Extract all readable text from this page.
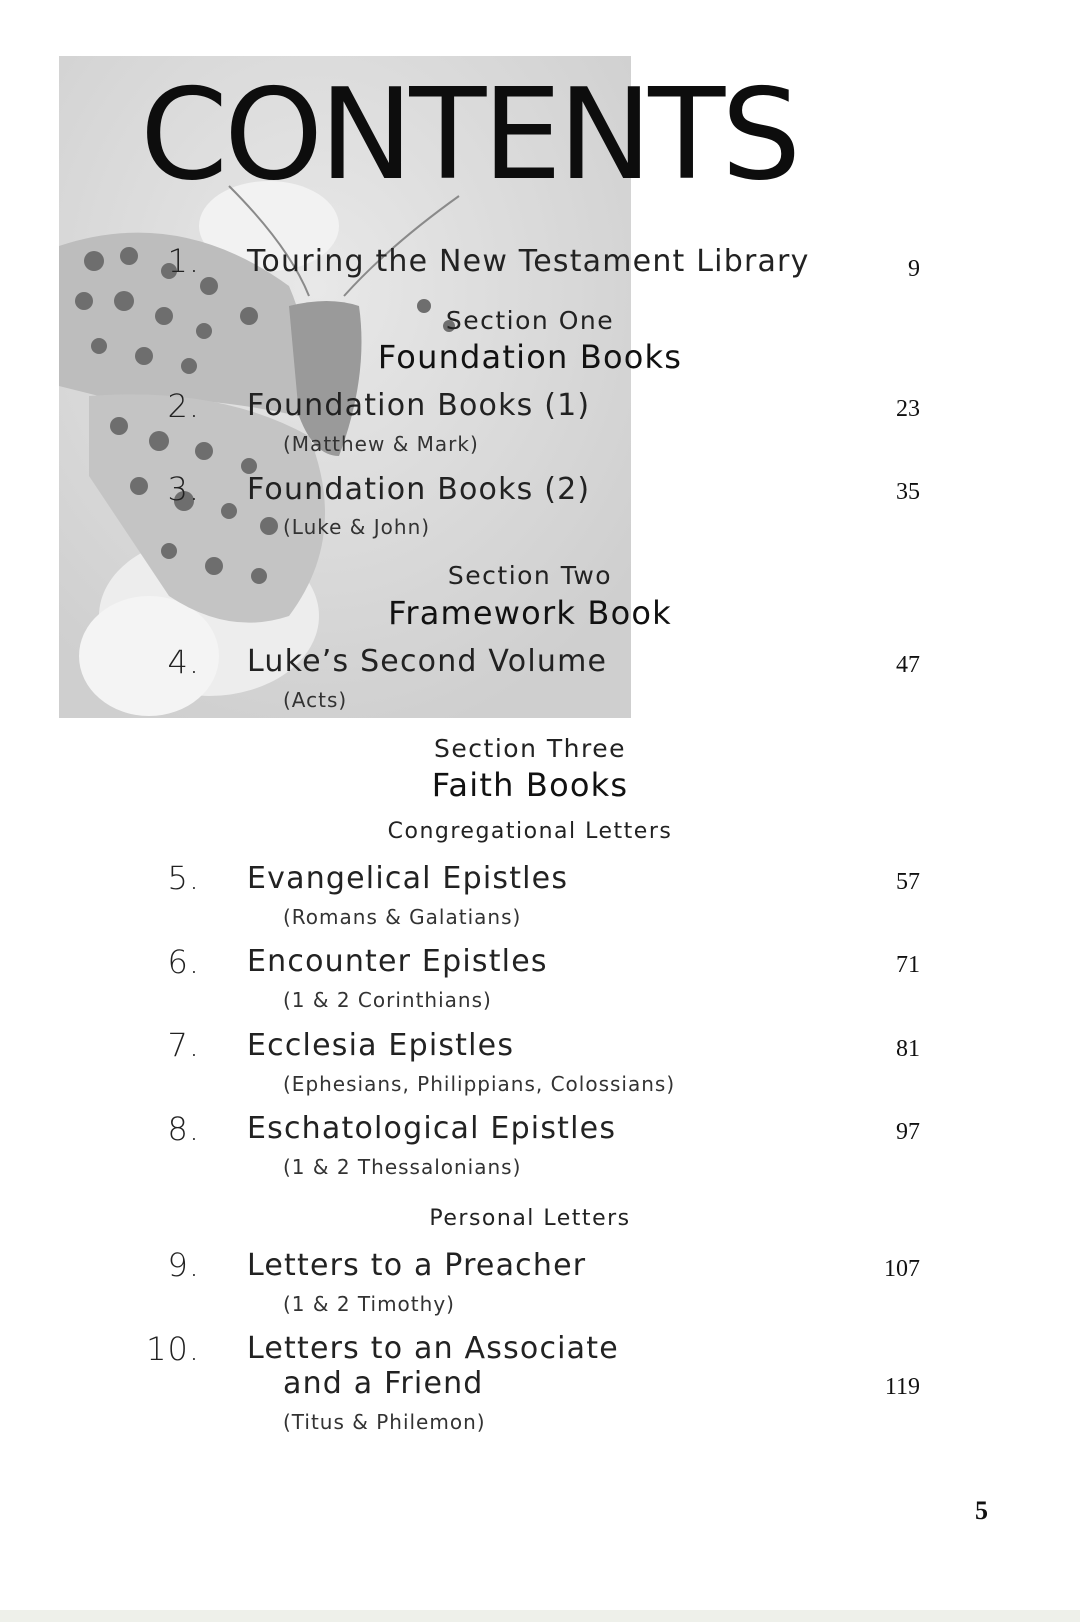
CONTENTS
1. Touring the New Testament Library	9
Section One
Foundation Books
2. Foundation Books (1)	23
(Matthew & Mark)
3. Foundation Books (2)	35
(Luke & John)
Section Two
Framework Book
4. Luke’s Second Volume	47
(Acts)
Section Three
Faith Books
Congregational Letters
5. Evangelical Epistles	57
(Romans & Galatians)
6. Encounter Epistles	71
(1 & 2 Corinthians)
7. Ecclesia Epistles	81
(Ephesians, Philippians, Colossians)
8. Eschatological Epistles	97
(1 & 2 Thessalonians)
Personal Letters
9. Letters to a Preacher	107
(1 & 2 Timothy)
10. Letters to an Associate
and a Friend	119
(Titus & Philemon)
5
